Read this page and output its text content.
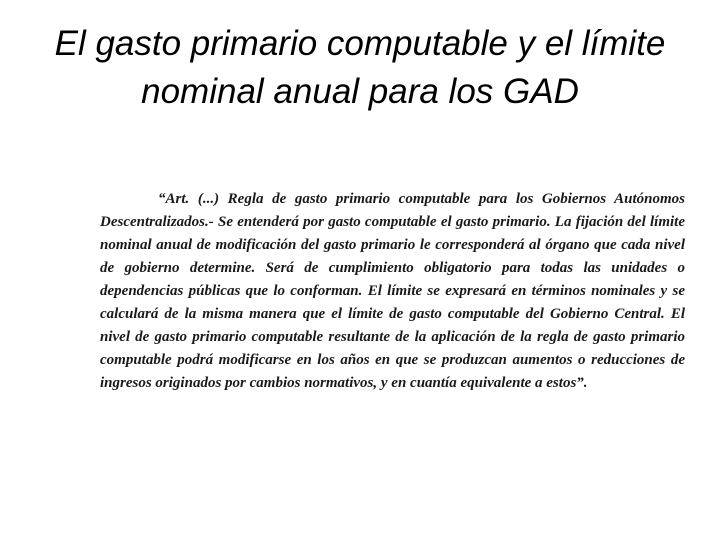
El gasto primario computable y el límite nominal anual para los GAD

“Art. (...) Regla de gasto primario computable para los Gobiernos Autónomos Descentralizados.- Se entenderá por gasto computable el gasto primario. La fijación del límite nominal anual de modificación del gasto primario le corresponderá al órgano que cada nivel de gobierno determine. Será de cumplimiento obligatorio para todas las unidades o dependencias públicas que lo conforman. El límite se expresará en términos nominales y se calculará de la misma manera que el límite de gasto computable del Gobierno Central. El nivel de gasto primario computable resultante de la aplicación de la regla de gasto primario computable podrá modificarse en los años en que se produzcan aumentos o reducciones de ingresos originados por cambios normativos, y en cuantía equivalente a estos”.
